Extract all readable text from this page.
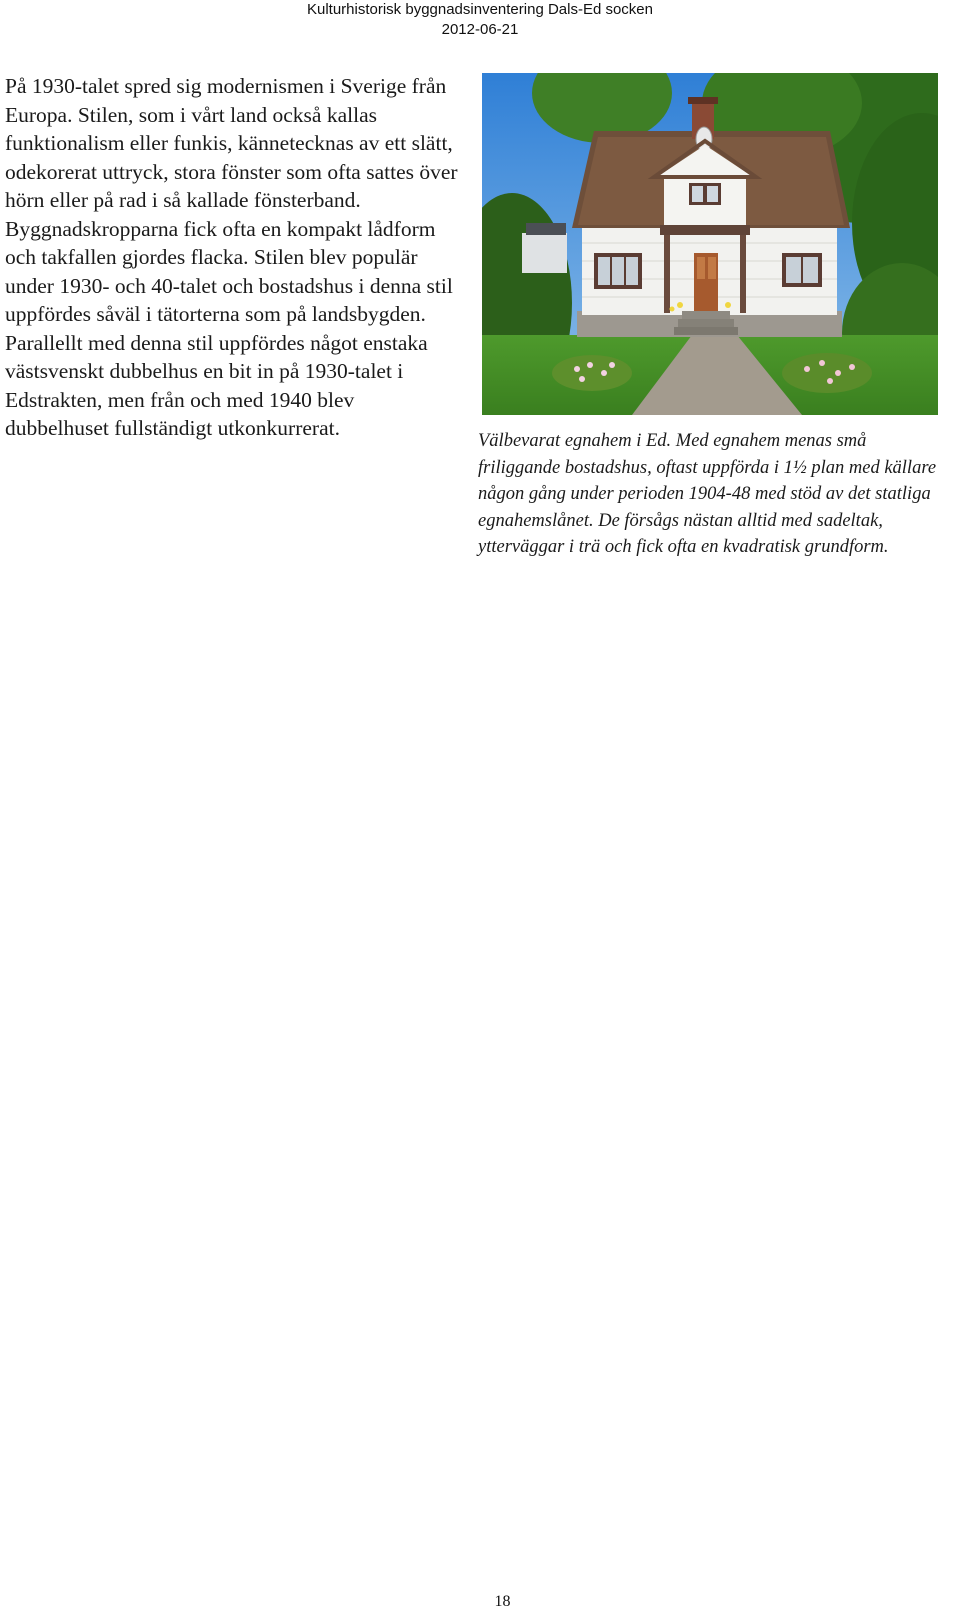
Kulturhistorisk byggnadsinventering Dals-Ed socken
2012-06-21

På 1930-talet spred sig modernismen i Sverige från Europa. Stilen, som i vårt land också kallas funktionalism eller funkis, kännetecknas av ett slätt, odekorerat uttryck, stora fönster som ofta sattes över hörn eller på rad i så kallade fönsterband. Byggnadskropparna fick ofta en kompakt lådform och takfallen gjordes flacka. Stilen blev populär under 1930- och 40-talet och bostadshus i denna stil uppfördes såväl i tätorterna som på landsbygden. Parallellt med denna stil uppfördes något enstaka västsvenskt dubbelhus en bit in på 1930-talet i Edstrakten, men från och med 1940 blev dubbelhuset fullständigt utkonkurrerat.

Välbevarat egnahem i Ed. Med egnahem menas små friliggande bostadshus, oftast uppförda i 1½ plan med källare någon gång under perioden 1904-48 med stöd av det statliga egnahemslånet. De försågs nästan alltid med sadeltak, ytterväggar i trä och fick ofta en kvadratisk grundform.

18
